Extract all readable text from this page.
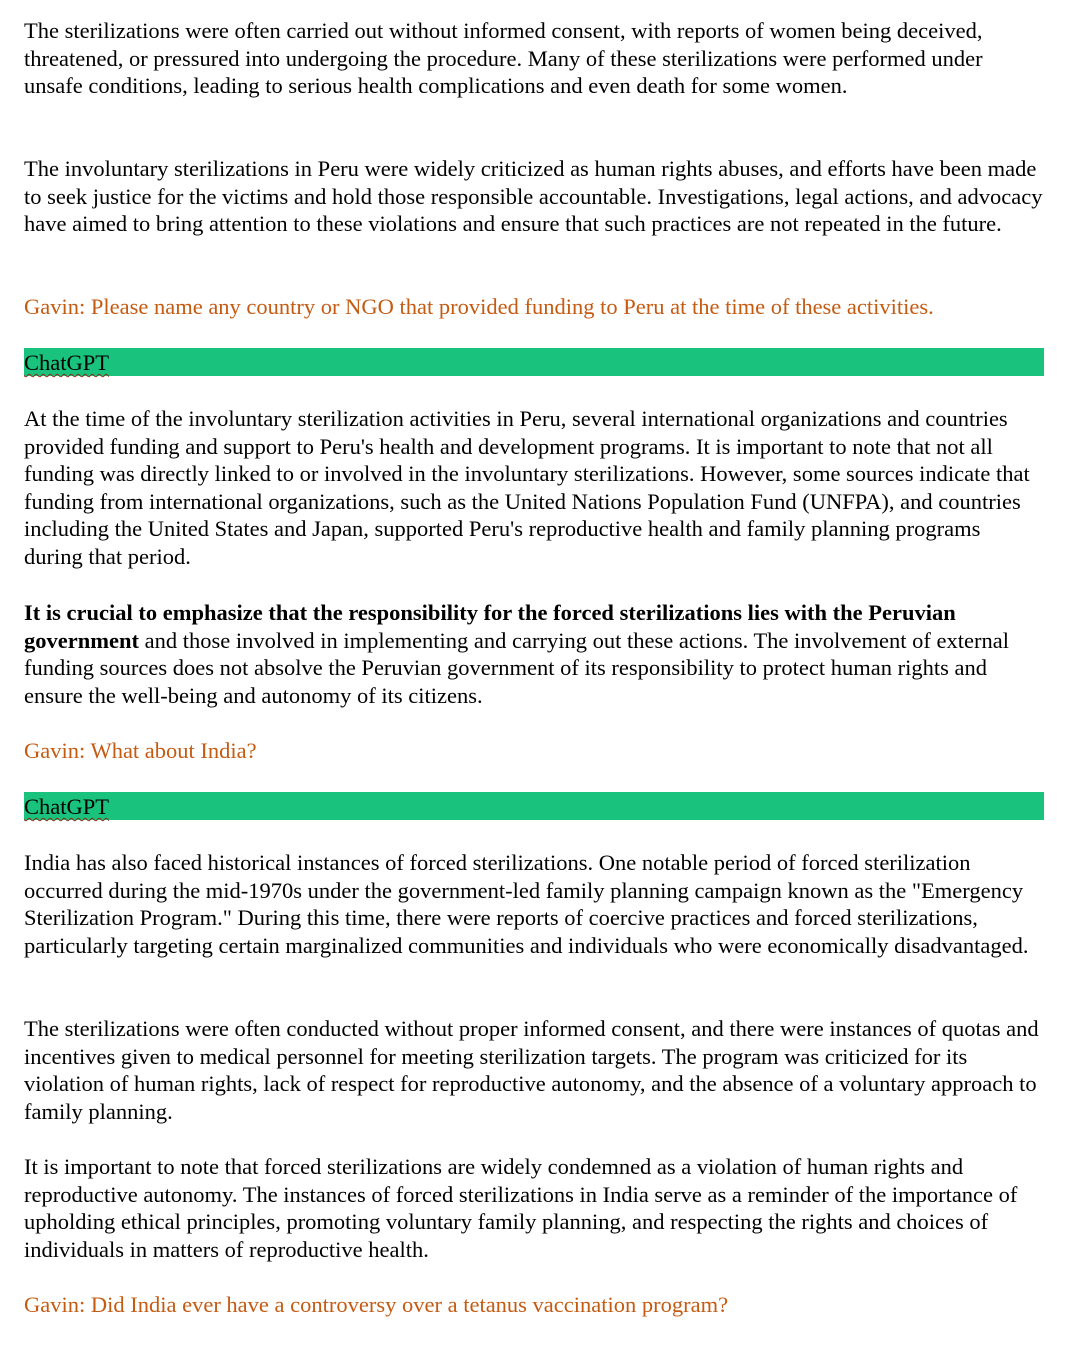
The sterilizations were often carried out without informed consent, with reports of women being deceived, threatened, or pressured into undergoing the procedure. Many of these sterilizations were performed under unsafe conditions, leading to serious health complications and even death for some women.

The involuntary sterilizations in Peru were widely criticized as human rights abuses, and efforts have been made to seek justice for the victims and hold those responsible accountable. Investigations, legal actions, and advocacy have aimed to bring attention to these violations and ensure that such practices are not repeated in the future.

Gavin: Please name any country or NGO that provided funding to Peru at the time of these activities.

ChatGPT

At the time of the involuntary sterilization activities in Peru, several international organizations and countries provided funding and support to Peru's health and development programs. It is important to note that not all funding was directly linked to or involved in the involuntary sterilizations. However, some sources indicate that funding from international organizations, such as the United Nations Population Fund (UNFPA), and countries including the United States and Japan, supported Peru's reproductive health and family planning programs during that period.

It is crucial to emphasize that the responsibility for the forced sterilizations lies with the Peruvian government and those involved in implementing and carrying out these actions. The involvement of external funding sources does not absolve the Peruvian government of its responsibility to protect human rights and ensure the well-being and autonomy of its citizens.

Gavin: What about India?

ChatGPT

India has also faced historical instances of forced sterilizations. One notable period of forced sterilization occurred during the mid-1970s under the government-led family planning campaign known as the "Emergency Sterilization Program." During this time, there were reports of coercive practices and forced sterilizations, particularly targeting certain marginalized communities and individuals who were economically disadvantaged.

The sterilizations were often conducted without proper informed consent, and there were instances of quotas and incentives given to medical personnel for meeting sterilization targets. The program was criticized for its violation of human rights, lack of respect for reproductive autonomy, and the absence of a voluntary approach to family planning.

It is important to note that forced sterilizations are widely condemned as a violation of human rights and reproductive autonomy. The instances of forced sterilizations in India serve as a reminder of the importance of upholding ethical principles, promoting voluntary family planning, and respecting the rights and choices of individuals in matters of reproductive health.

Gavin: Did India ever have a controversy over a tetanus vaccination program?
